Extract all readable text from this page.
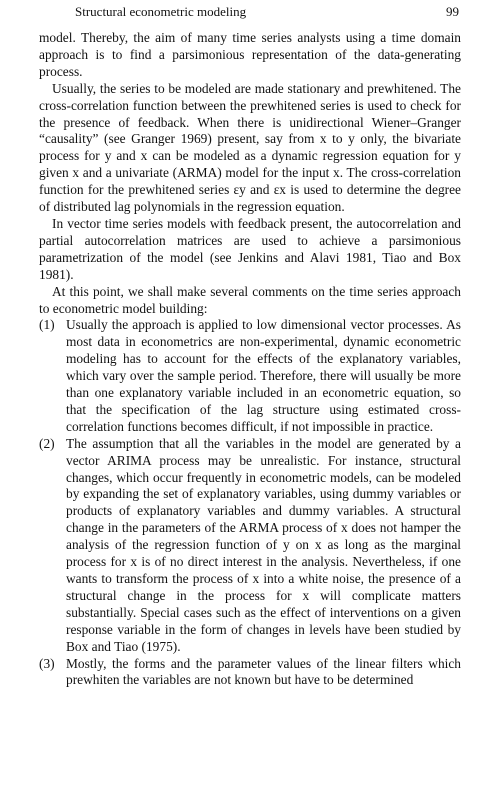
Structural econometric modeling	99

model. Thereby, the aim of many time series analysts using a time domain approach is to find a parsimonious representation of the data-generating process.

Usually, the series to be modeled are made stationary and prewhitened. The cross-correlation function between the prewhitened series is used to check for the presence of feedback. When there is unidirectional Wiener–Granger “causality” (see Granger 1969) present, say from x to y only, the bivariate process for y and x can be modeled as a dynamic regression equation for y given x and a univariate (ARMA) model for the input x. The cross-correlation function for the prewhitened series εy and εx is used to determine the degree of distributed lag polynomials in the regression equation.

In vector time series models with feedback present, the autocorrelation and partial autocorrelation matrices are used to achieve a parsimonious parametrization of the model (see Jenkins and Alavi 1981, Tiao and Box 1981).

At this point, we shall make several comments on the time series approach to econometric model building:

(1) Usually the approach is applied to low dimensional vector processes. As most data in econometrics are non-experimental, dynamic econometric modeling has to account for the effects of the explanatory variables, which vary over the sample period. Therefore, there will usually be more than one explanatory variable included in an econometric equation, so that the specification of the lag structure using estimated cross-correlation functions becomes difficult, if not impossible in practice.
(2) The assumption that all the variables in the model are generated by a vector ARIMA process may be unrealistic. For instance, structural changes, which occur frequently in econometric models, can be modeled by expanding the set of explanatory variables, using dummy variables or products of explanatory variables and dummy variables. A structural change in the parameters of the ARMA process of x does not hamper the analysis of the regression function of y on x as long as the marginal process for x is of no direct interest in the analysis. Nevertheless, if one wants to transform the process of x into a white noise, the presence of a structural change in the process for x will complicate matters substantially. Special cases such as the effect of interventions on a given response variable in the form of changes in levels have been studied by Box and Tiao (1975).
(3) Mostly, the forms and the parameter values of the linear filters which prewhiten the variables are not known but have to be determined
